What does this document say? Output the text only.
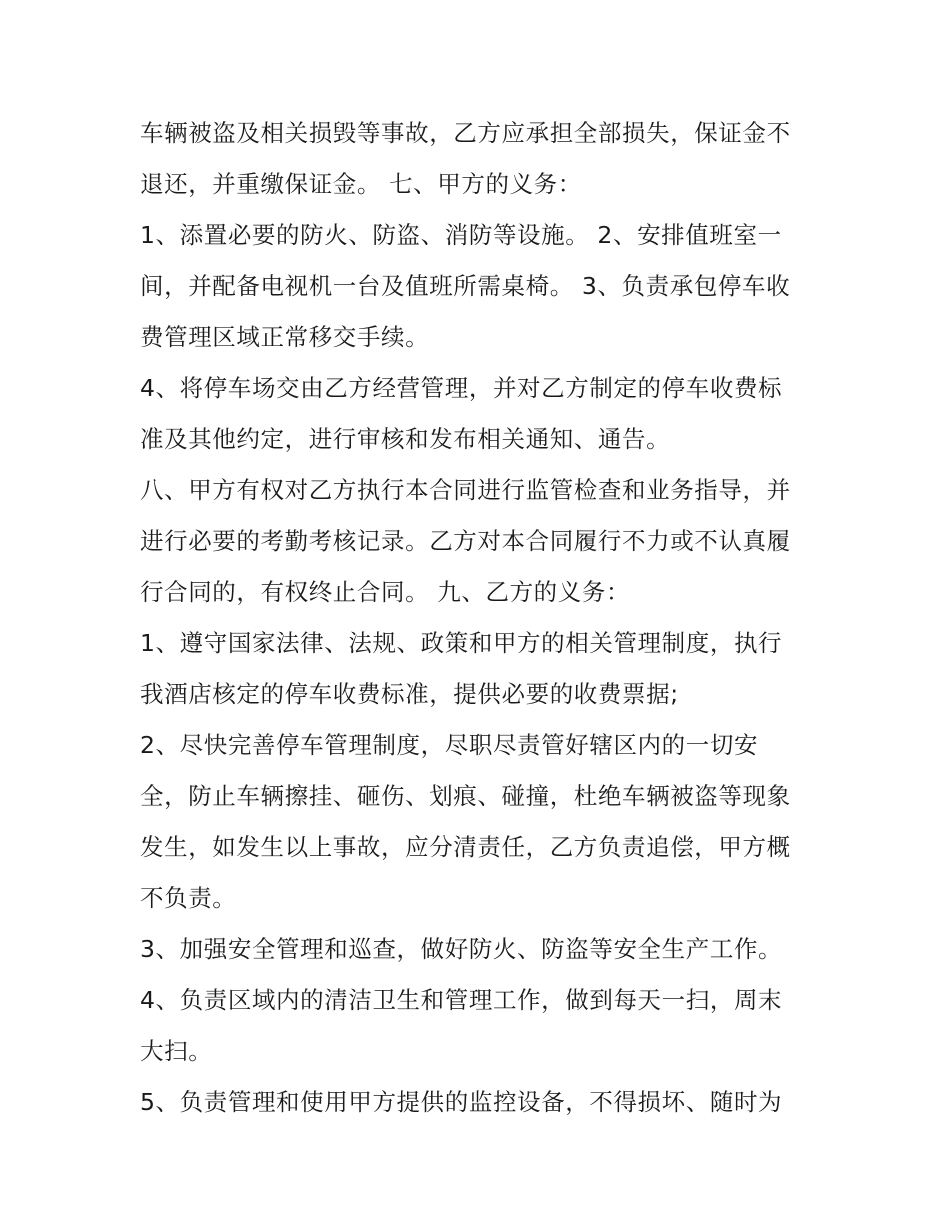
车辆被盗及相关损毁等事故，乙方应承担全部损失，保证金不
退还，并重缴保证金。 七、甲方的义务：
1、添置必要的防火、防盗、消防等设施。 2、安排值班室一
间，并配备电视机一台及值班所需桌椅。 3、负责承包停车收
费管理区域正常移交手续。
4、将停车场交由乙方经营管理，并对乙方制定的停车收费标
准及其他约定，进行审核和发布相关通知、通告。
八、甲方有权对乙方执行本合同进行监管检查和业务指导，并
进行必要的考勤考核记录。乙方对本合同履行不力或不认真履
行合同的，有权终止合同。 九、乙方的义务：
1、遵守国家法律、法规、政策和甲方的相关管理制度，执行
我酒店核定的停车收费标准，提供必要的收费票据;
2、尽快完善停车管理制度，尽职尽责管好辖区内的一切安
全，防止车辆擦挂、砸伤、划痕、碰撞，杜绝车辆被盗等现象
发生，如发生以上事故，应分清责任，乙方负责追偿，甲方概
不负责。
3、加强安全管理和巡查，做好防火、防盗等安全生产工作。
4、负责区域内的清洁卫生和管理工作，做到每天一扫，周末
大扫。
5、负责管理和使用甲方提供的监控设备，不得损坏、随时为
